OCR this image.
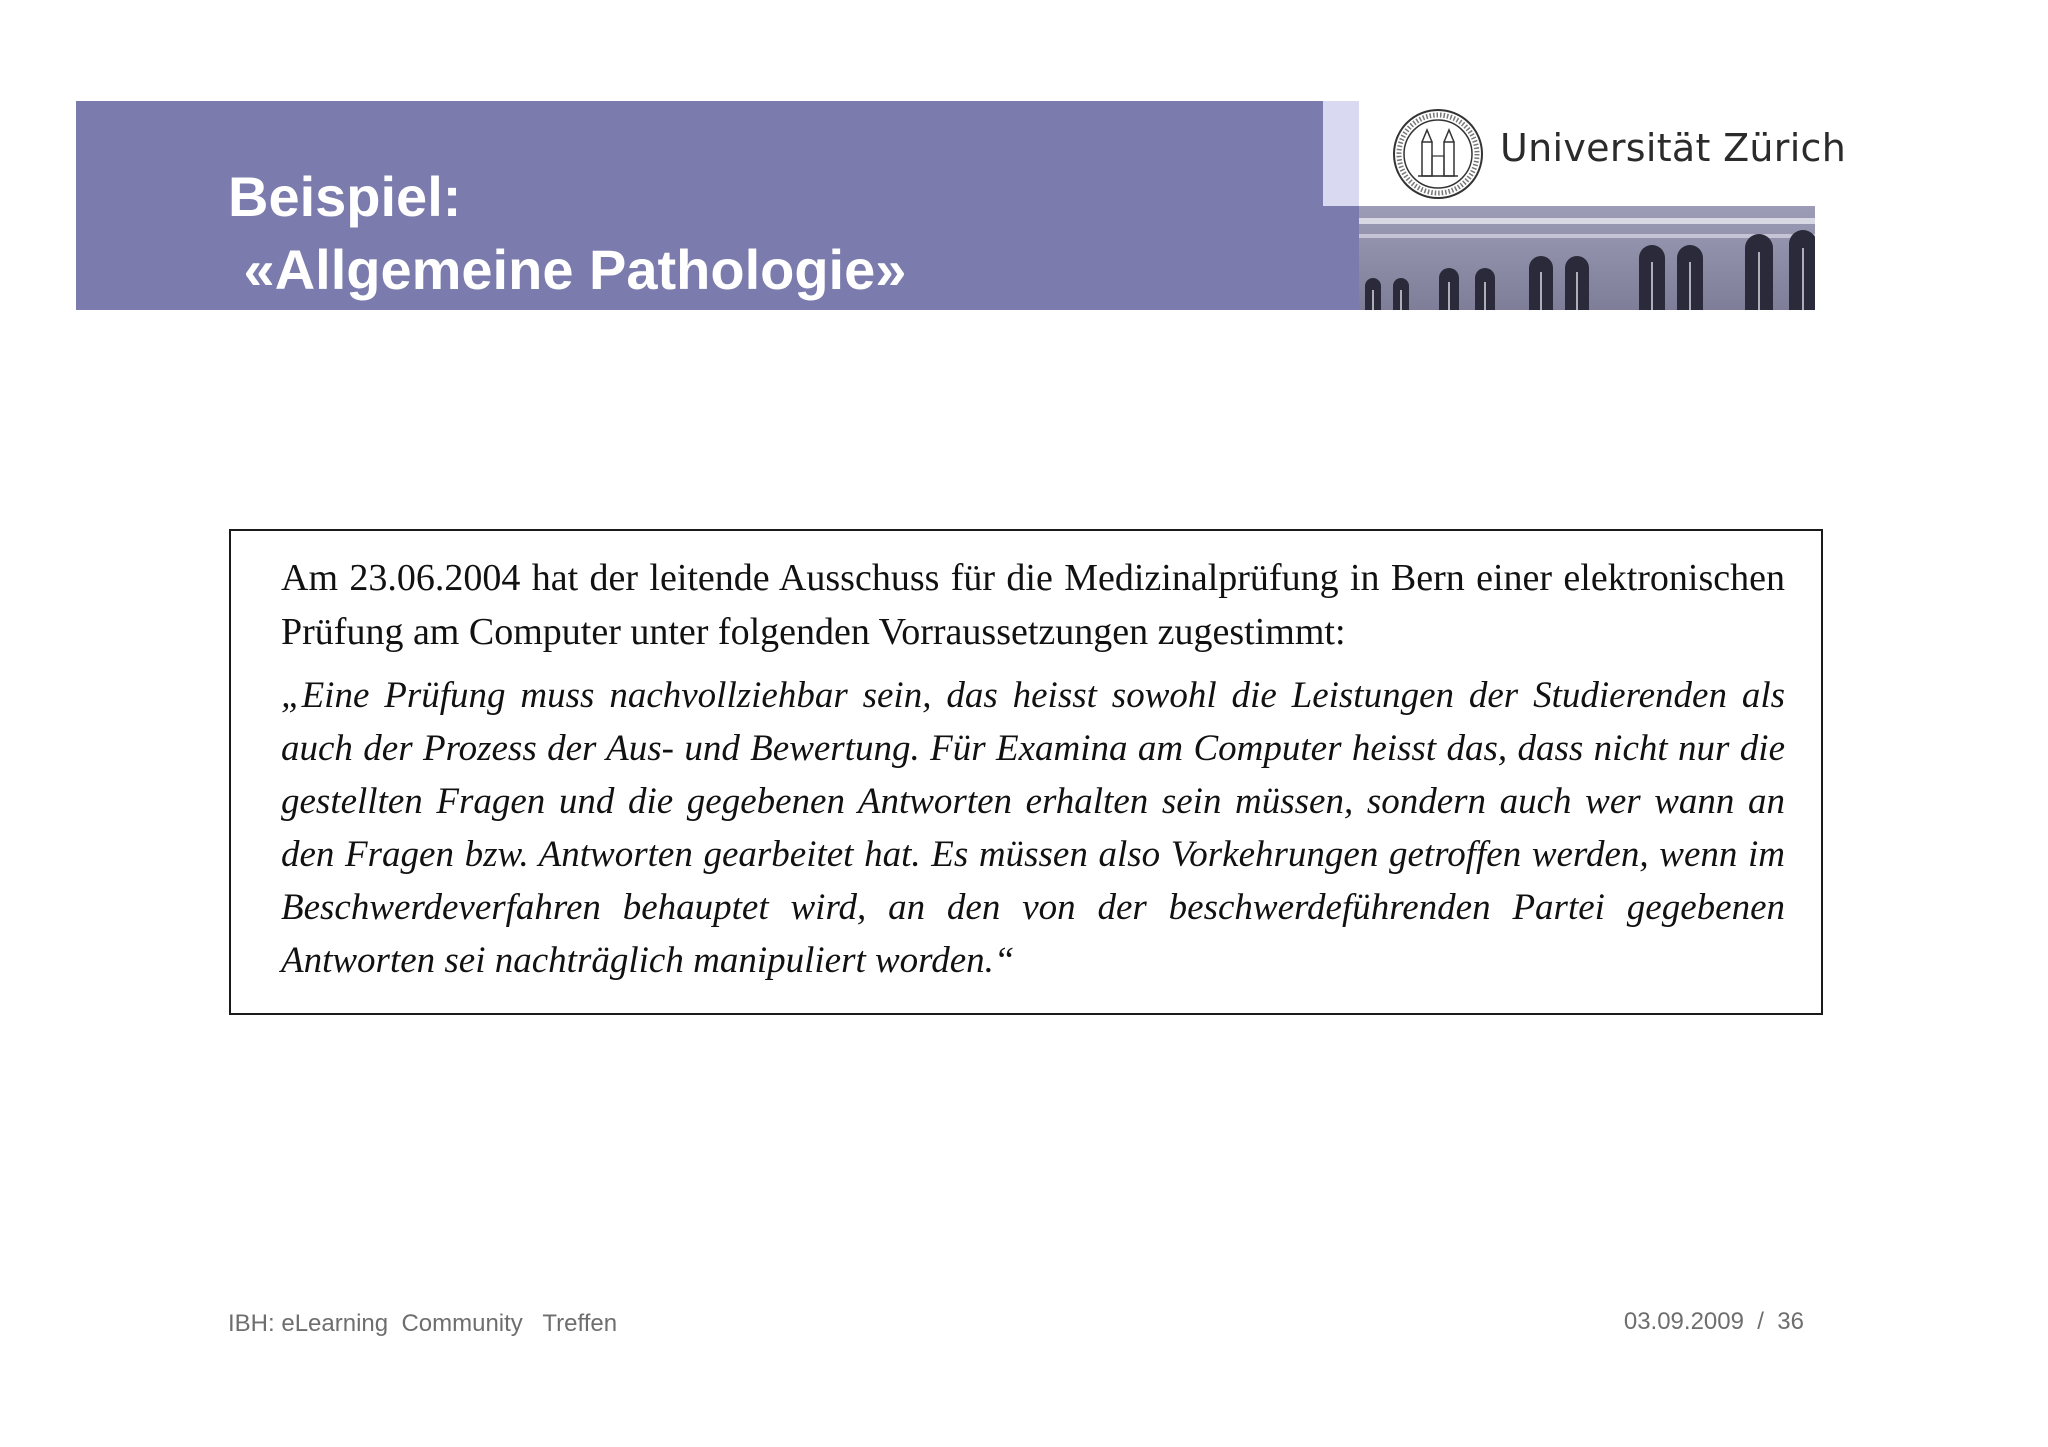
Beispiel:
«Allgemeine Pathologie»
Universität Zürich

Am 23.06.2004 hat der leitende Ausschuss für die Medizinalprüfung in Bern einer elektronischen Prüfung am Computer unter folgenden Vorraussetzungen zugestimmt:

„Eine Prüfung muss nachvollziehbar sein, das heisst sowohl die Leistungen der Studierenden als auch der Prozess der Aus- und Bewertung. Für Examina am Computer heisst das, dass nicht nur die gestellten Fragen und die gegebenen Antworten erhalten sein müssen, sondern auch wer wann an den Fragen bzw. Antworten gearbeitet hat. Es müssen also Vorkehrungen getroffen werden, wenn im Beschwerdeverfahren behauptet wird, an den von der beschwerdeführenden Partei gegebenen Antworten sei nachträglich manipuliert worden.“

IBH: eLearning  Community   Treffen	03.09.2009  /  36
